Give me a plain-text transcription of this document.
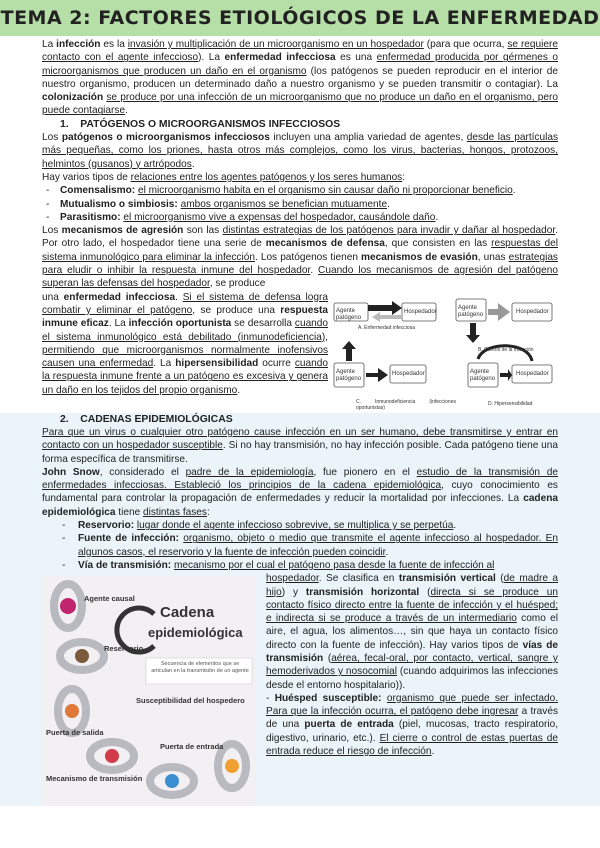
TEMA 2: FACTORES ETIOLÓGICOS DE LA ENFERMEDAD

La infección es la invasión y multiplicación de un microorganismo en un hospedador (para que ocurra, se requiere contacto con el agente infeccioso). La enfermedad infecciosa es una enfermedad producida por gérmenes o microorganismos que producen un daño en el organismo (los patógenos se pueden reproducir en el interior de nuestro organismo, producen un determinado daño a nuestro organismo y se pueden transmitir o contagiar). La colonización se produce por una infección de un microorganismo que no produce un daño en el organismo, pero puede contagiarse.

1.    PATÓGENOS O MICROORGANISMOS INFECCIOSOS

Los patógenos o microorganismos infecciosos incluyen una amplia variedad de agentes, desde las partículas más pequeñas, como los priones, hasta otros más complejos, como los virus, bacterias, hongos, protozoos, helmintos (gusanos) y artrópodos.

Hay varios tipos de relaciones entre los agentes patógenos y los seres humanos:

- Comensalismo: el microorganismo habita en el organismo sin causar daño ni proporcionar beneficio.
- Mutualismo o simbiosis: ambos organismos se benefician mutuamente.
- Parasitismo: el microorganismo vive a expensas del hospedador, causándole daño.

Los mecanismos de agresión son las distintas estrategias de los patógenos para invadir y dañar al hospedador. Por otro lado, el hospedador tiene una serie de mecanismos de defensa, que consisten en las respuestas del sistema inmunológico para eliminar la infección. Los patógenos tienen mecanismos de evasión, unas estrategias para eludir o inhibir la respuesta inmune del hospedador. Cuando los mecanismos de agresión del patógeno superan las defensas del hospedador, se produce

Agente patógeno
Hospedador
Agente patógeno	Hospedador
Agente patógeno
Hospedador	Agente patógeno
Hospedador
A. Enfermedad infecciosa
B. Control de la infección
C. Inmunodeficiencia (infecciones oportunistas)
D. Hipersensibilidad

una enfermedad infecciosa. Si el sistema de defensa logra combatir y eliminar el patógeno, se produce una respuesta inmune eficaz. La infección oportunista se desarrolla cuando el sistema inmunológico está debilitado (inmunodeficiencia), permitiendo que microorganismos normalmente inofensivos causen una enfermedad. La hipersensibilidad ocurre cuando la respuesta inmune frente a un patógeno es excesiva y genera un daño en los tejidos del propio organismo.

2.    CADENAS EPIDEMIOLÓGICAS

Para que un virus o cualquier otro patógeno cause infección en un ser humano, debe transmitirse y entrar en contacto con un hospedador susceptible. Si no hay transmisión, no hay infección posible. Cada patógeno tiene una forma específica de transmitirse.

John Snow, considerado el padre de la epidemiología, fue pionero en el estudio de la transmisión de enfermedades infecciosas. Estableció los principios de la cadena epidemiológica, cuyo conocimiento es fundamental para controlar la propagación de enfermedades y reducir la mortalidad por infecciones. La cadena epidemiológica tiene distintas fases:

- Reservorio: lugar donde el agente infeccioso sobrevive, se multiplica y se perpetúa.
- Fuente de infección: organismo, objeto o medio que transmite el agente infeccioso al hospedador. En algunos casos, el reservorio y la fuente de infección pueden coincidir.
- Vía de transmisión: mecanismo por el cual el patógeno pasa desde la fuente de infección al
Cadena
epidemiológica
Secuencia de elementos que se articulan en la transmisión de un agente
Agente causal
Reservorio
Susceptibilidad del hospedero
Puerta de salida
Puerta de entrada
Mecanismo de transmisión

hospedador. Se clasifica en transmisión vertical (de madre a hijo) y transmisión horizontal (directa si se produce un contacto físico directo entre la fuente de infección y el huésped; e indirecta si se produce a través de un intermediario como el aire, el agua, los alimentos…, sin que haya un contacto físico directo con la fuente de infección). Hay varios tipos de vías de transmisión (aérea, fecal-oral, por contacto, vertical, sangre y hemoderivados y nosocomial (cuando adquirimos las infecciones desde el entorno hospitalario)).

- Huésped susceptible: organismo que puede ser infectado. Para que la infección ocurra, el patógeno debe ingresar a través de una puerta de entrada (piel, mucosas, tracto respiratorio, digestivo, urinario, etc.). El cierre o control de estas puertas de entrada reduce el riesgo de infección.
